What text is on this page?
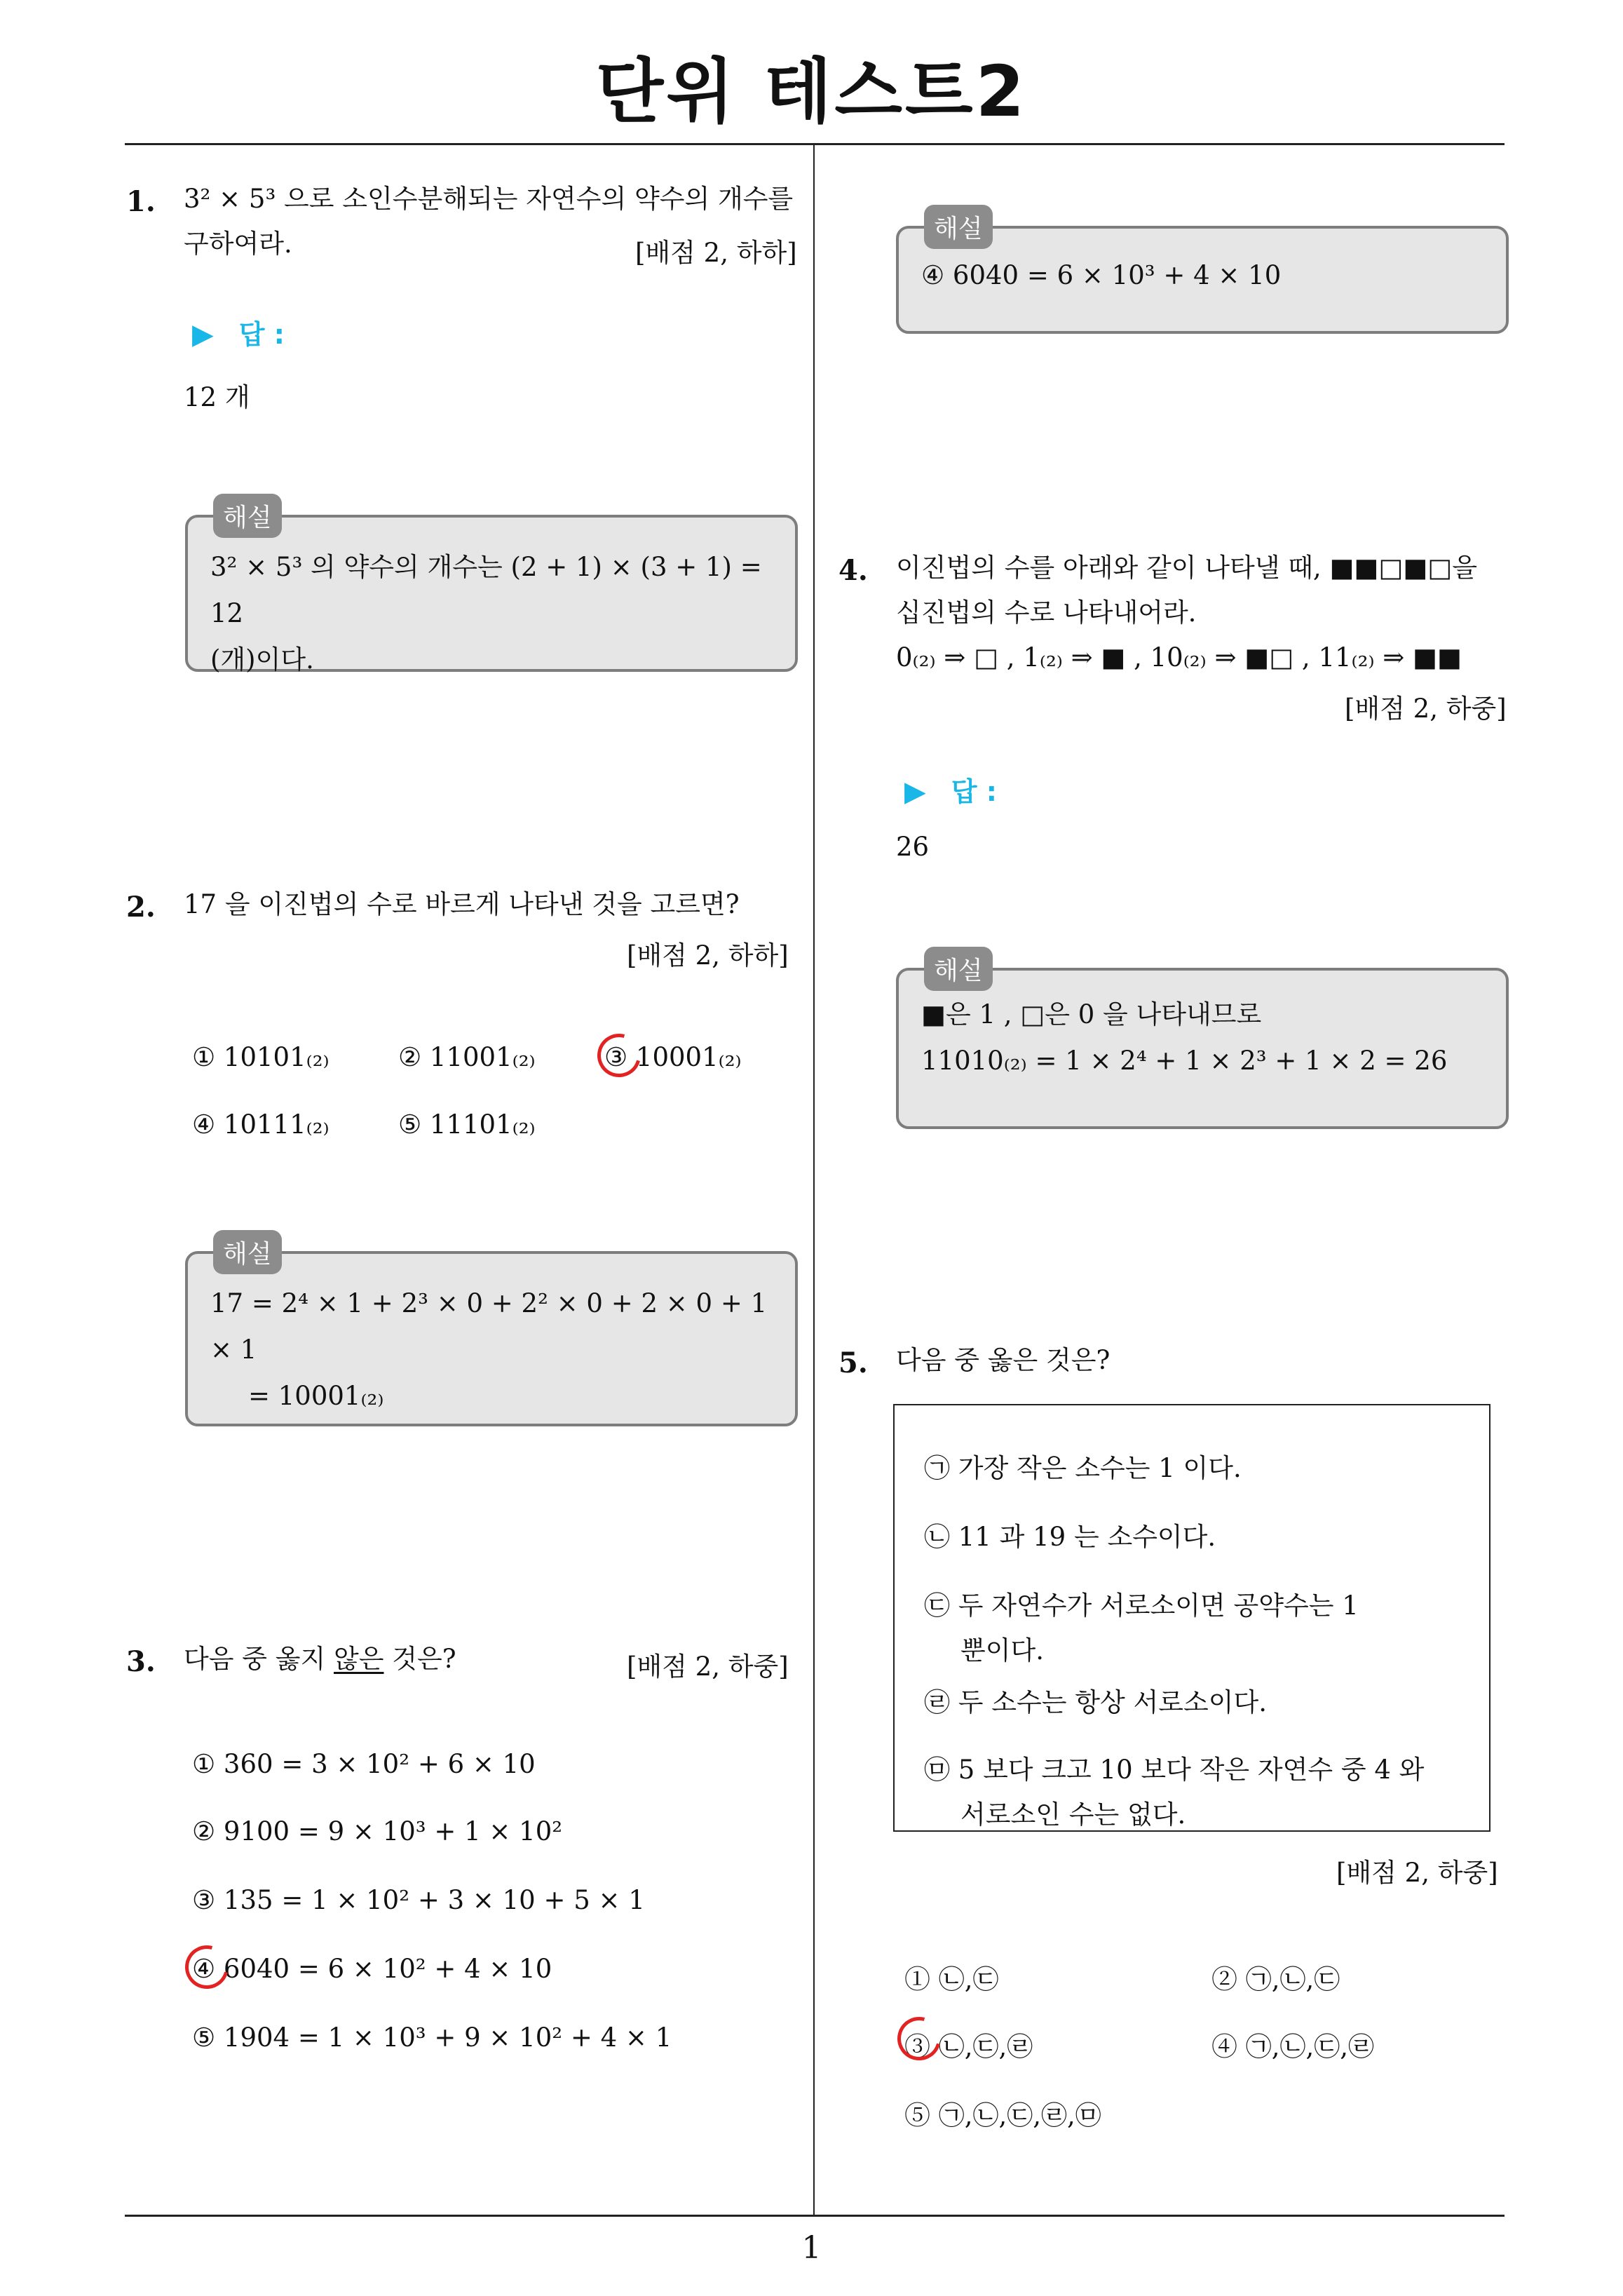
단위 테스트2
1
1. 3² × 5³ 으로 소인수분해되는 자연수의 약수의 개수를
구하여라.	[배점 2, 하하]
▶ 답 :
12 개
해설
3² × 5³ 의 약수의 개수는 (2 + 1) × (3 + 1) = 12
(개)이다.
2. 17 을 이진법의 수로 바르게 나타낸 것을 고르면?
[배점 2, 하하]
① 10101₍₂₎	② 11001₍₂₎	③ 10001₍₂₎
④ 10111₍₂₎	⑤ 11101₍₂₎
해설
17 = 2⁴ × 1 + 2³ × 0 + 2² × 0 + 2 × 0 + 1 × 1
= 10001₍₂₎
3. 다음 중 옳지 않은 것은?	[배점 2, 하중]
① 360 = 3 × 10² + 6 × 10
② 9100 = 9 × 10³ + 1 × 10²
③ 135 = 1 × 10² + 3 × 10 + 5 × 1
④ 6040 = 6 × 10² + 4 × 10
⑤ 1904 = 1 × 10³ + 9 × 10² + 4 × 1
해설
④ 6040 = 6 × 10³ + 4 × 10
4. 이진법의 수를 아래와 같이 나타낼 때, ■■□■□을
십진법의 수로 나타내어라.
0₍₂₎ ⇒ □ , 1₍₂₎ ⇒ ■ , 10₍₂₎ ⇒ ■□ , 11₍₂₎ ⇒ ■■
[배점 2, 하중]
▶ 답 :
26
해설
■은 1 , □은 0 을 나타내므로
11010₍₂₎ = 1 × 2⁴ + 1 × 2³ + 1 × 2 = 26
5. 다음 중 옳은 것은?
㉠ 가장 작은 소수는 1 이다.
㉡ 11 과 19 는 소수이다.
㉢ 두 자연수가 서로소이면 공약수는 1
뿐이다.
㉣ 두 소수는 항상 서로소이다.
㉤ 5 보다 크고 10 보다 작은 자연수 중 4 와
서로소인 수는 없다.
[배점 2, 하중]
① ㉡,㉢	② ㉠,㉡,㉢
③ ㉡,㉢,㉣	④ ㉠,㉡,㉢,㉣
⑤ ㉠,㉡,㉢,㉣,㉤
